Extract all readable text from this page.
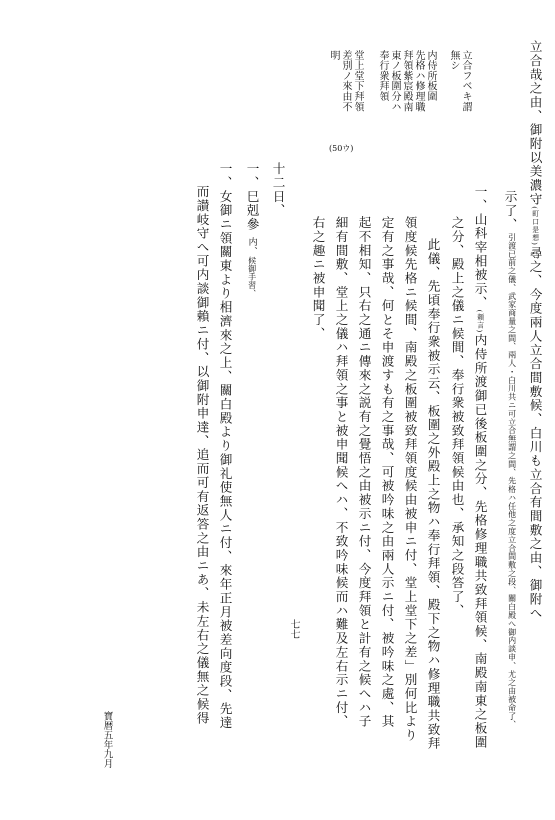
立合哉之由、御附以美濃守(町口是想)尋之、今度兩人立合間敷候、白川も立合有間敷之由、御附へ
示了、
引渡已前之儀、武家商量之間、兩人・白川共ニ可立合無謂之間、先
格ハ任他之度立合間敷之段、關白殿へ御内談申、尤之由被命了、
一、山科宰相被示、(頼言)内侍所渡御已後板圍之分、先格修理職共致拜領候、南殿南東之板圍
之分、殿上之儀ニ候間、奉行衆被致拜領候由也、承知之段答了、
此儀、先頃奉行衆被示云、板圍之外殿上之物ハ奉行拜領、殿下之物ハ修理職共致拜
領度候先格ニ候間、南殿之板圍被致拜領度候由被申ニ付、堂上堂下之差」別何比より
定有之事哉、何とそ申渡すも有之事哉、可被吟味之由兩人示ニ付、被吟味之處、其
起不相知、只右之通ニ傳來之説有之覺悟之由被示ニ付、今度拜領と計有之候へハ子
細有間敷、堂上之儀ハ拜領之事と被申聞候へハ、不致吟味候而ハ難及左右示ニ付、
右之趣ニ被申聞了、
十二日、
一、巳剋參内、候御手習、
一、女御ニ領關東より相濟來之上、關白殿より御礼使無人ニ付、來年正月被差向度段、先達
而讃岐守へ可内談御賴ニ付、以御附申達、追而可有返答之由ニあ、未左右之儀無之候得
立合フベキ謂
無シ
内侍所板圍
先格ハ修理職
拜領紫宸殿南
東ノ板圍分ハ
奉行衆拜領
堂上堂下拜領
差別ノ來由不
明
(50ウ)
七七
寶暦五年九月
